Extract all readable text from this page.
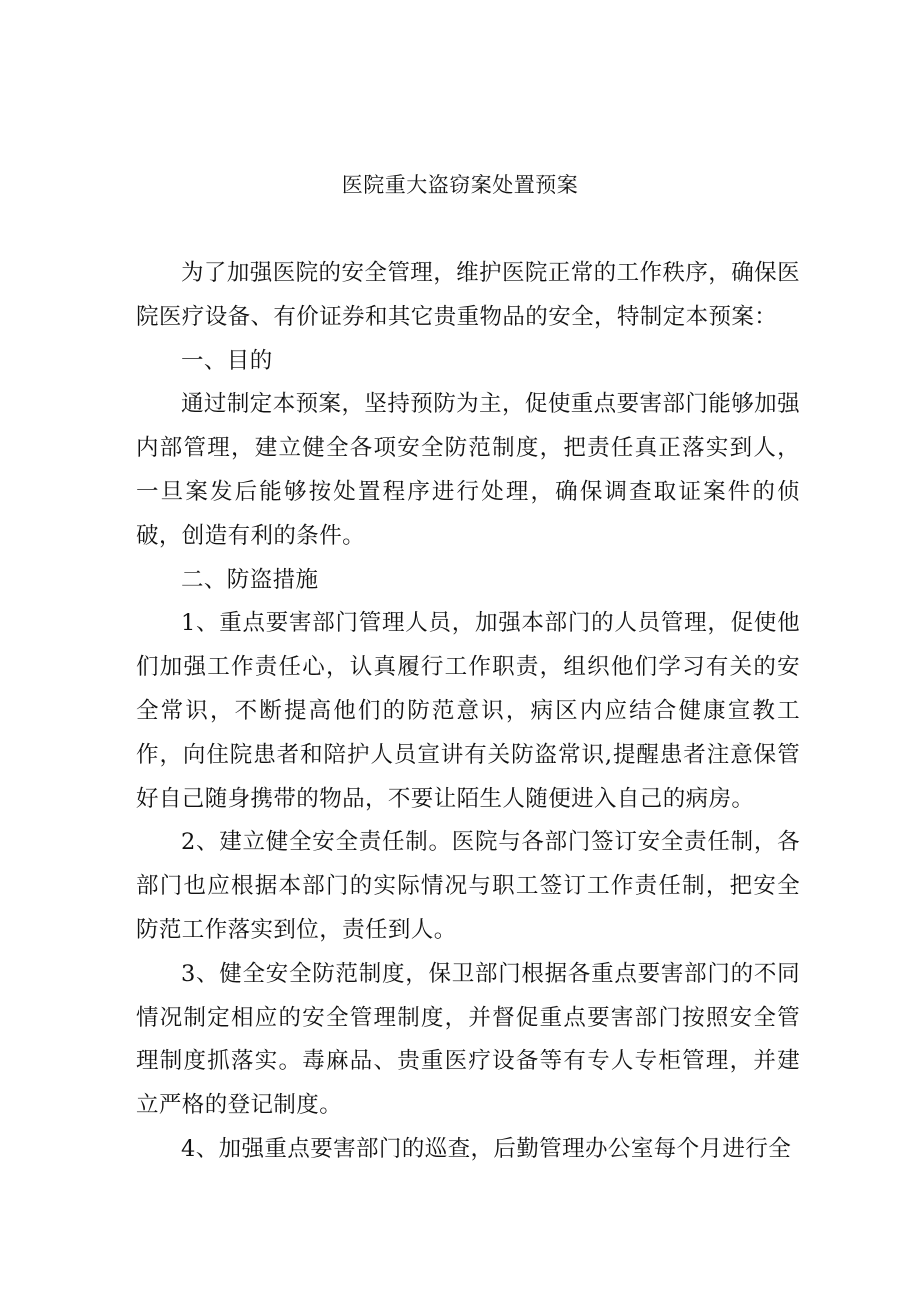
医院重大盗窃案处置预案

为了加强医院的安全管理，维护医院正常的工作秩序，确保医院医疗设备、有价证券和其它贵重物品的安全，特制定本预案：

一、目的

通过制定本预案，坚持预防为主，促使重点要害部门能够加强内部管理，建立健全各项安全防范制度，把责任真正落实到人，一旦案发后能够按处置程序进行处理，确保调查取证案件的侦破，创造有利的条件。

二、防盗措施

1、重点要害部门管理人员，加强本部门的人员管理，促使他们加强工作责任心，认真履行工作职责，组织他们学习有关的安全常识，不断提高他们的防范意识，病区内应结合健康宣教工作，向住院患者和陪护人员宣讲有关防盗常识,提醒患者注意保管好自己随身携带的物品，不要让陌生人随便进入自己的病房。

2、建立健全安全责任制。医院与各部门签订安全责任制，各部门也应根据本部门的实际情况与职工签订工作责任制，把安全防范工作落实到位，责任到人。

3、健全安全防范制度，保卫部门根据各重点要害部门的不同情况制定相应的安全管理制度，并督促重点要害部门按照安全管理制度抓落实。毒麻品、贵重医疗设备等有专人专柜管理，并建立严格的登记制度。

4、加强重点要害部门的巡查，后勤管理办公室每个月进行全
